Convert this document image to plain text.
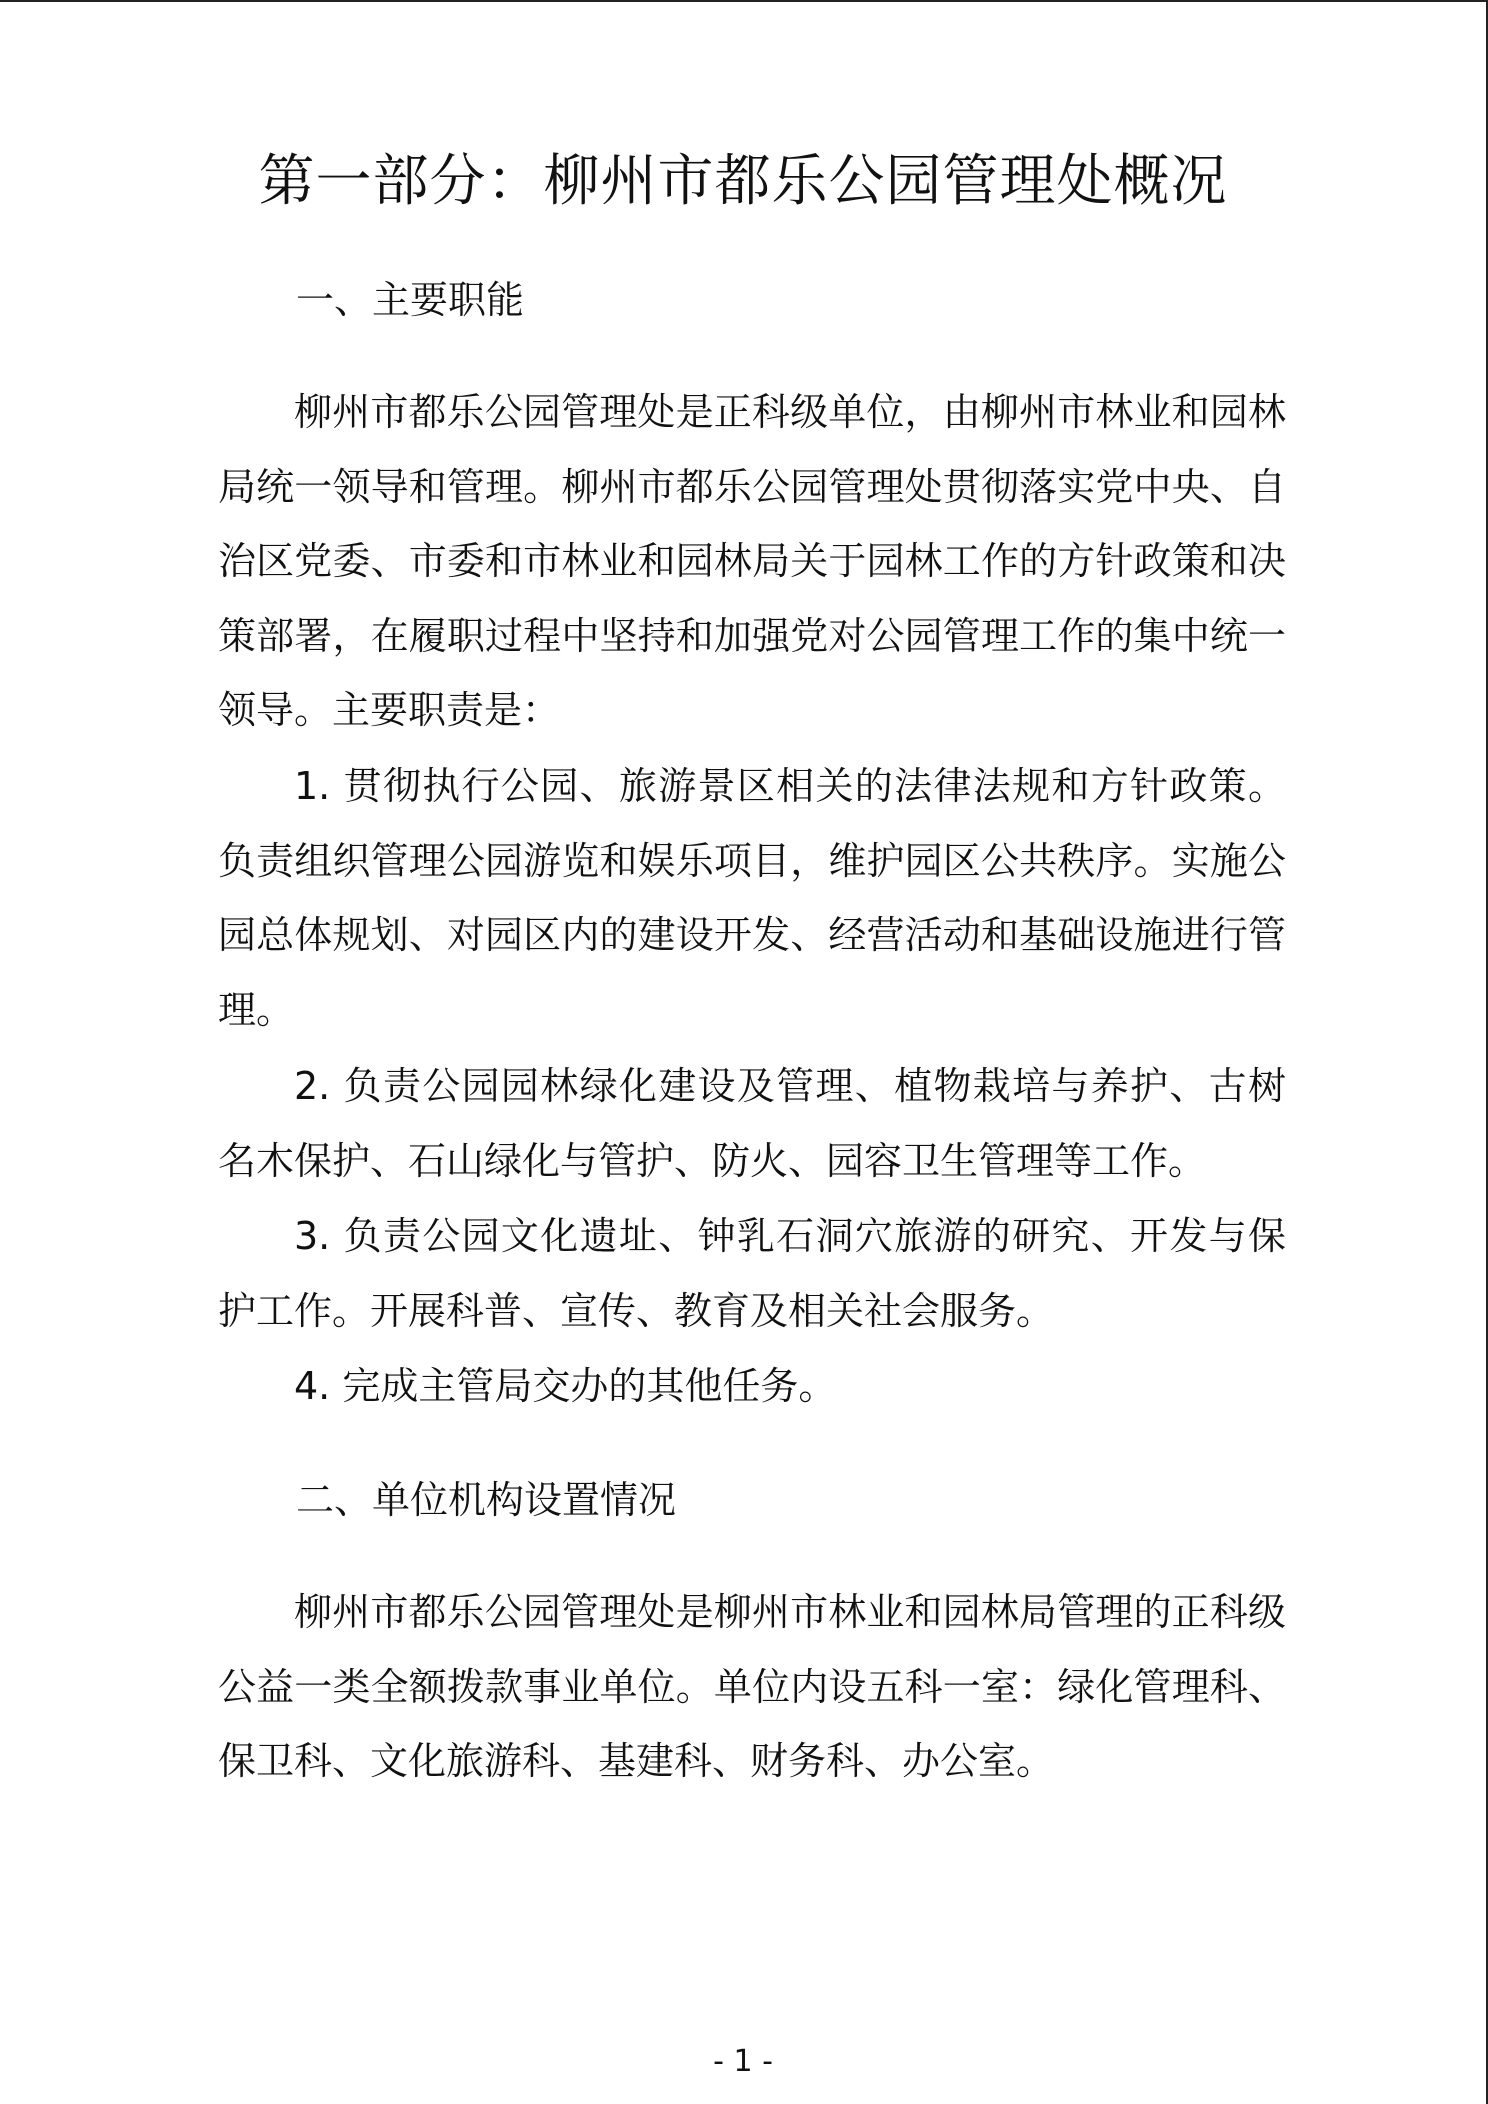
第一部分：柳州市都乐公园管理处概况
一、主要职能

柳州市都乐公园管理处是正科级单位，由柳州市林业和园林局统一领导和管理。柳州市都乐公园管理处贯彻落实党中央、自治区党委、市委和市林业和园林局关于园林工作的方针政策和决策部署，在履职过程中坚持和加强党对公园管理工作的集中统一领导。主要职责是：

1. 贯彻执行公园、旅游景区相关的法律法规和方针政策。负责组织管理公园游览和娱乐项目，维护园区公共秩序。实施公园总体规划、对园区内的建设开发、经营活动和基础设施进行管理。

2. 负责公园园林绿化建设及管理、植物栽培与养护、古树名木保护、石山绿化与管护、防火、园容卫生管理等工作。

3. 负责公园文化遗址、钟乳石洞穴旅游的研究、开发与保护工作。开展科普、宣传、教育及相关社会服务。

4. 完成主管局交办的其他任务。

二、单位机构设置情况

柳州市都乐公园管理处是柳州市林业和园林局管理的正科级公益一类全额拨款事业单位。单位内设五科一室：绿化管理科、保卫科、文化旅游科、基建科、财务科、办公室。

- 1 -
